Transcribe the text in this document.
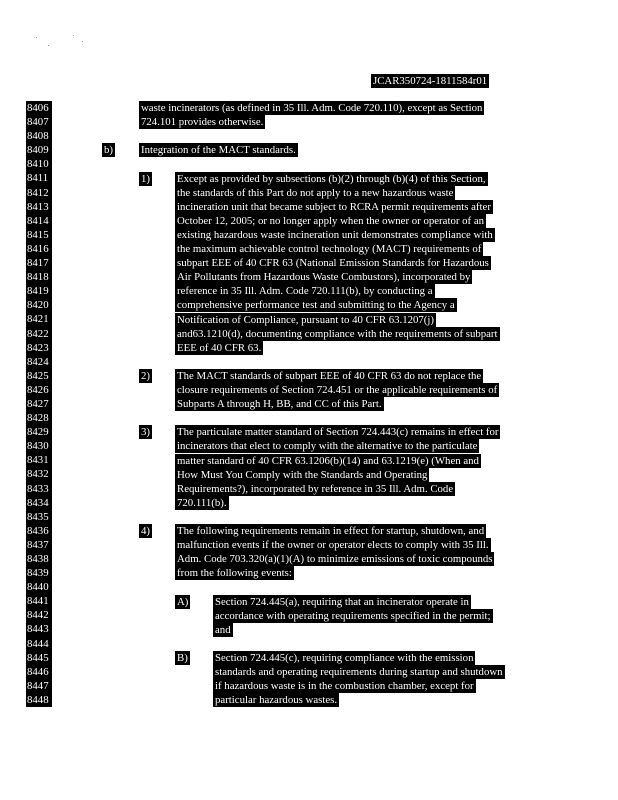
JCAR350724-1811584r01
8406
8407
8408
8409
8410
8411
8412
8413
8414
8415
8416
8417
8418
8419
8420
8421
8422
8423
8424
8425
8426
8427
8428
8429
8430
8431
8432
8433
8434
8435
8436
8437
8438
8439
8440
8441
8442
8443
8444
8445
8446
8447
8448
waste incinerators (as defined in 35 Ill. Adm. Code 720.110), except as Section
724.101 provides otherwise.
b)	Integration of the MACT standards.
1)	Except as provided by subsections (b)(2) through (b)(4) of this Section,
the standards of this Part do not apply to a new hazardous waste
incineration unit that became subject to RCRA permit requirements after
October 12, 2005; or no longer apply when the owner or operator of an
existing hazardous waste incineration unit demonstrates compliance with
the maximum achievable control technology (MACT) requirements of
subpart EEE of 40 CFR 63 (National Emission Standards for Hazardous
Air Pollutants from Hazardous Waste Combustors), incorporated by
reference in 35 Ill. Adm. Code 720.111(b), by conducting a
comprehensive performance test and submitting to the Agency a
Notification of Compliance, pursuant to 40 CFR 63.1207(j)
and63.1210(d), documenting compliance with the requirements of subpart
EEE of 40 CFR 63.
2)	The MACT standards of subpart EEE of 40 CFR 63 do not replace the
closure requirements of Section 724.451 or the applicable requirements of
Subparts A through H, BB, and CC of this Part.
3)	The particulate matter standard of Section 724.443(c) remains in effect for
incinerators that elect to comply with the alternative to the particulate
matter standard of 40 CFR 63.1206(b)(14) and 63.1219(e) (When and
How Must You Comply with the Standards and Operating
Requirements?), incorporated by reference in 35 Ill. Adm. Code
720.111(b).
4)	The following requirements remain in effect for startup, shutdown, and
malfunction events if the owner or operator elects to comply with 35 Ill.
Adm. Code 703.320(a)(1)(A) to minimize emissions of toxic compounds
from the following events:
A) Section 724.445(a), requiring that an incinerator operate in
accordance with operating requirements specified in the permit;
and
B)	Section 724.445(c), requiring compliance with the emission
standards and operating requirements during startup and shutdown
if hazardous waste is in the combustion chamber, except for
particular hazardous wastes.
